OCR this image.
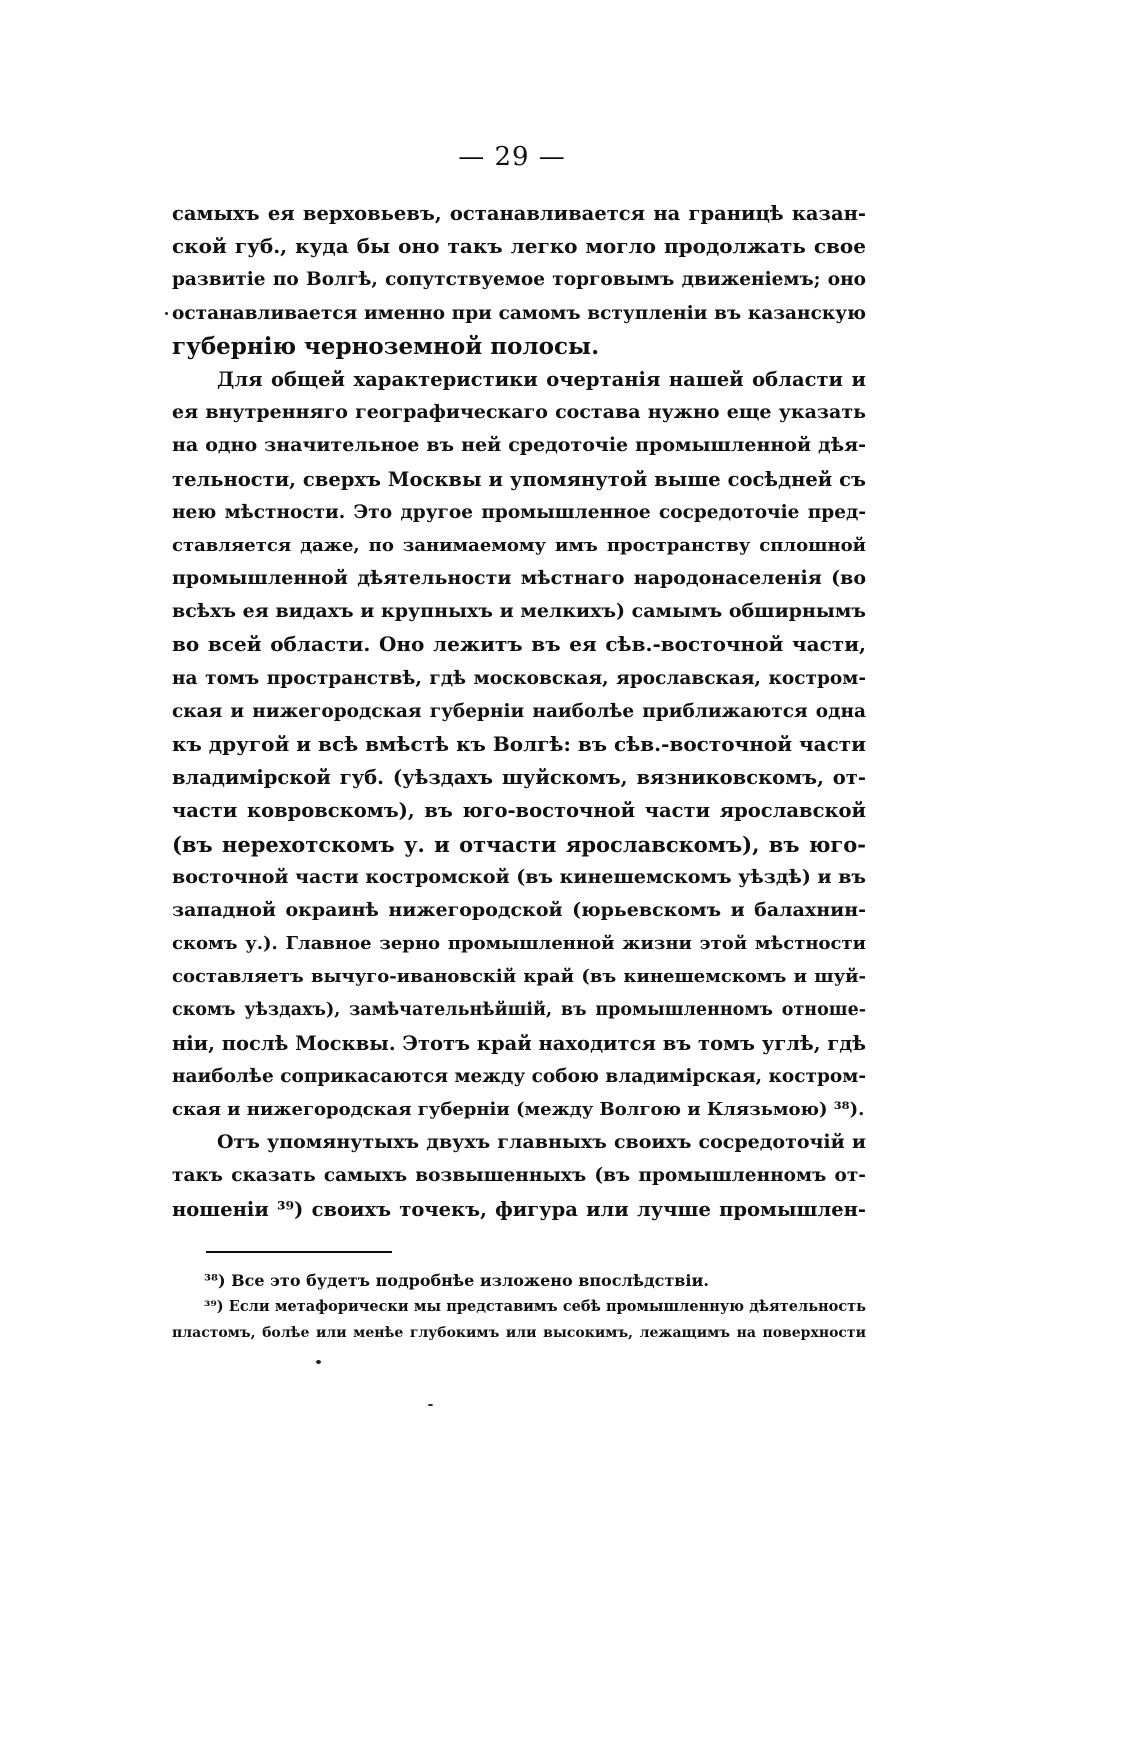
— 29 —
самыхъ ея верховьевъ, останавливается на границѣ казан-
ской губ., куда бы оно такъ легко могло продолжать свое
развитіе по Волгѣ, сопутствуемое торговымъ движеніемъ; оно
останавливается именно при самомъ вступленіи въ казанскую
губернію черноземной полосы.
Для общей характеристики очертанія нашей области и
ея внутренняго географическаго состава нужно еще указать
на одно значительное въ ней средоточіе промышленной дѣя-
тельности, сверхъ Москвы и упомянутой выше сосѣдней съ
нею мѣстности. Это другое промышленное сосредоточіе пред-
ставляется даже, по занимаемому имъ пространству сплошной
промышленной дѣятельности мѣстнаго народонаселенія (во
всѣхъ ея видахъ и крупныхъ и мелкихъ) самымъ обширнымъ
во всей области. Оно лежитъ въ ея сѣв.-восточной части,
на томъ пространствѣ, гдѣ московская, ярославская, костром-
ская и нижегородская губерніи наиболѣе приближаются одна
къ другой и всѣ вмѣстѣ къ Волгѣ: въ сѣв.-восточной части
владимірской губ. (уѣздахъ шуйскомъ, вязниковскомъ, от-
части ковровскомъ), въ юго-восточной части ярославской
(въ нерехотскомъ у. и отчасти ярославскомъ), въ юго-
восточной части костромской (въ кинешемскомъ уѣздѣ) и въ
западной окраинѣ нижегородской (юрьевскомъ и балахнин-
скомъ у.). Главное зерно промышленной жизни этой мѣстности
составляетъ вычуго-ивановскій край (въ кинешемскомъ и шуй-
скомъ уѣздахъ), замѣчательнѣйшій, въ промышленномъ отноше-
ніи, послѣ Москвы. Этотъ край находится въ томъ углѣ, гдѣ
наиболѣе соприкасаются между собою владимірская, костром-
ская и нижегородская губерніи (между Волгою и Клязьмою) ³⁸).
Отъ упомянутыхъ двухъ главныхъ своихъ сосредоточій и
такъ сказать самыхъ возвышенныхъ (въ промышленномъ от-
ношеніи ³⁹) своихъ точекъ, фигура или лучше промышлен-
³⁸) Все это будетъ подробнѣе изложено впослѣдствіи.
³⁹) Если метафорически мы представимъ себѣ промышленную дѣятельность
пластомъ, болѣе или менѣе глубокимъ или высокимъ, лежащимъ на поверхности
